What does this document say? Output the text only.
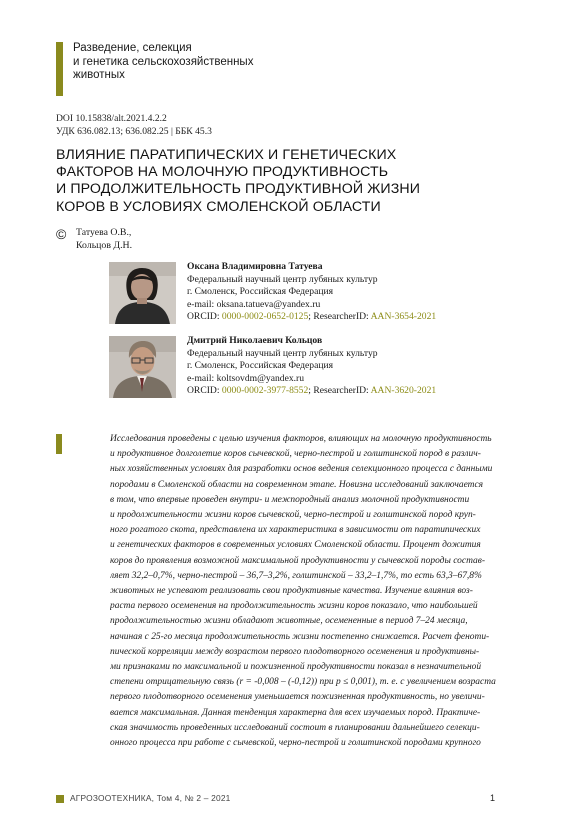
Разведение, селекция
и генетика сельскохозяйственных
животных
DOI 10.15838/alt.2021.4.2.2
УДК 636.082.13; 636.082.25 | ББК 45.3
ВЛИЯНИЕ ПАРАТИПИЧЕСКИХ И ГЕНЕТИЧЕСКИХ
ФАКТОРОВ НА МОЛОЧНУЮ ПРОДУКТИВНОСТЬ
И ПРОДОЛЖИТЕЛЬНОСТЬ ПРОДУКТИВНОЙ ЖИЗНИ
КОРОВ В УСЛОВИЯХ СМОЛЕНСКОЙ ОБЛАСТИ
© Татуева О.В.,
Кольцов Д.Н.
Оксана Владимировна Татуева
Федеральный научный центр лубяных культур
г. Смоленск, Российская Федерация
e-mail: oksana.tatueva@yandex.ru
ORCID: 0000-0002-0652-0125; ResearcherID: AAN-3654-2021
Дмитрий Николаевич Кольцов
Федеральный научный центр лубяных культур
г. Смоленск, Российская Федерация
e-mail: koltsovdm@yandex.ru
ORCID: 0000-0002-3977-8552; ResearcherID: AAN-3620-2021
Исследования проведены с целью изучения факторов, влияющих на молочную продуктивность
и продуктивное долголетие коров сычевской, черно-пестрой и голштинской пород в различ-
ных хозяйственных условиях для разработки основ ведения селекционного процесса с данными
породами в Смоленской области на современном этапе. Новизна исследований заключается
в том, что впервые проведен внутри- и межпородный анализ молочной продуктивности
и продолжительности жизни коров сычевской, черно-пестрой и голштинской пород круп-
ного рогатого скота, представлена их характеристика в зависимости от паратипических
и генетических факторов в современных условиях Смоленской области. Процент дожития
коров до проявления возможной максимальной продуктивности у сычевской породы состав-
ляет 32,2–0,7%, черно-пестрой – 36,7–3,2%, голштинской – 33,2–1,7%, то есть 63,3–67,8%
животных не успевают реализовать свои продуктивные качества. Изучение влияния воз-
раста первого осеменения на продолжительность жизни коров показало, что наибольшей
продолжительностью жизни обладают животные, осемененные в период 7–24 месяца,
начиная с 25-го месяца продолжительность жизни постепенно снижается. Расчет феноти-
пической корреляции между возрастом первого плодотворного осеменения и продуктивны-
ми признаками по максимальной и пожизненной продуктивности показал в незначительной
степени отрицательную связь (r = -0,008 – (-0,12)) при p ≤ 0,001), т. е. с увеличением возраста
первого плодотворного осеменения уменьшается пожизненная продуктивность, но увеличи-
вается максимальная. Данная тенденция характерна для всех изучаемых пород. Практиче-
ская значимость проведенных исследований состоит в планировании дальнейшего селекци-
онного процесса при работе с сычевской, черно-пестрой и голштинской породами крупного
АГРОЗООТЕХНИКА, Том 4, № 2 – 2021	1
